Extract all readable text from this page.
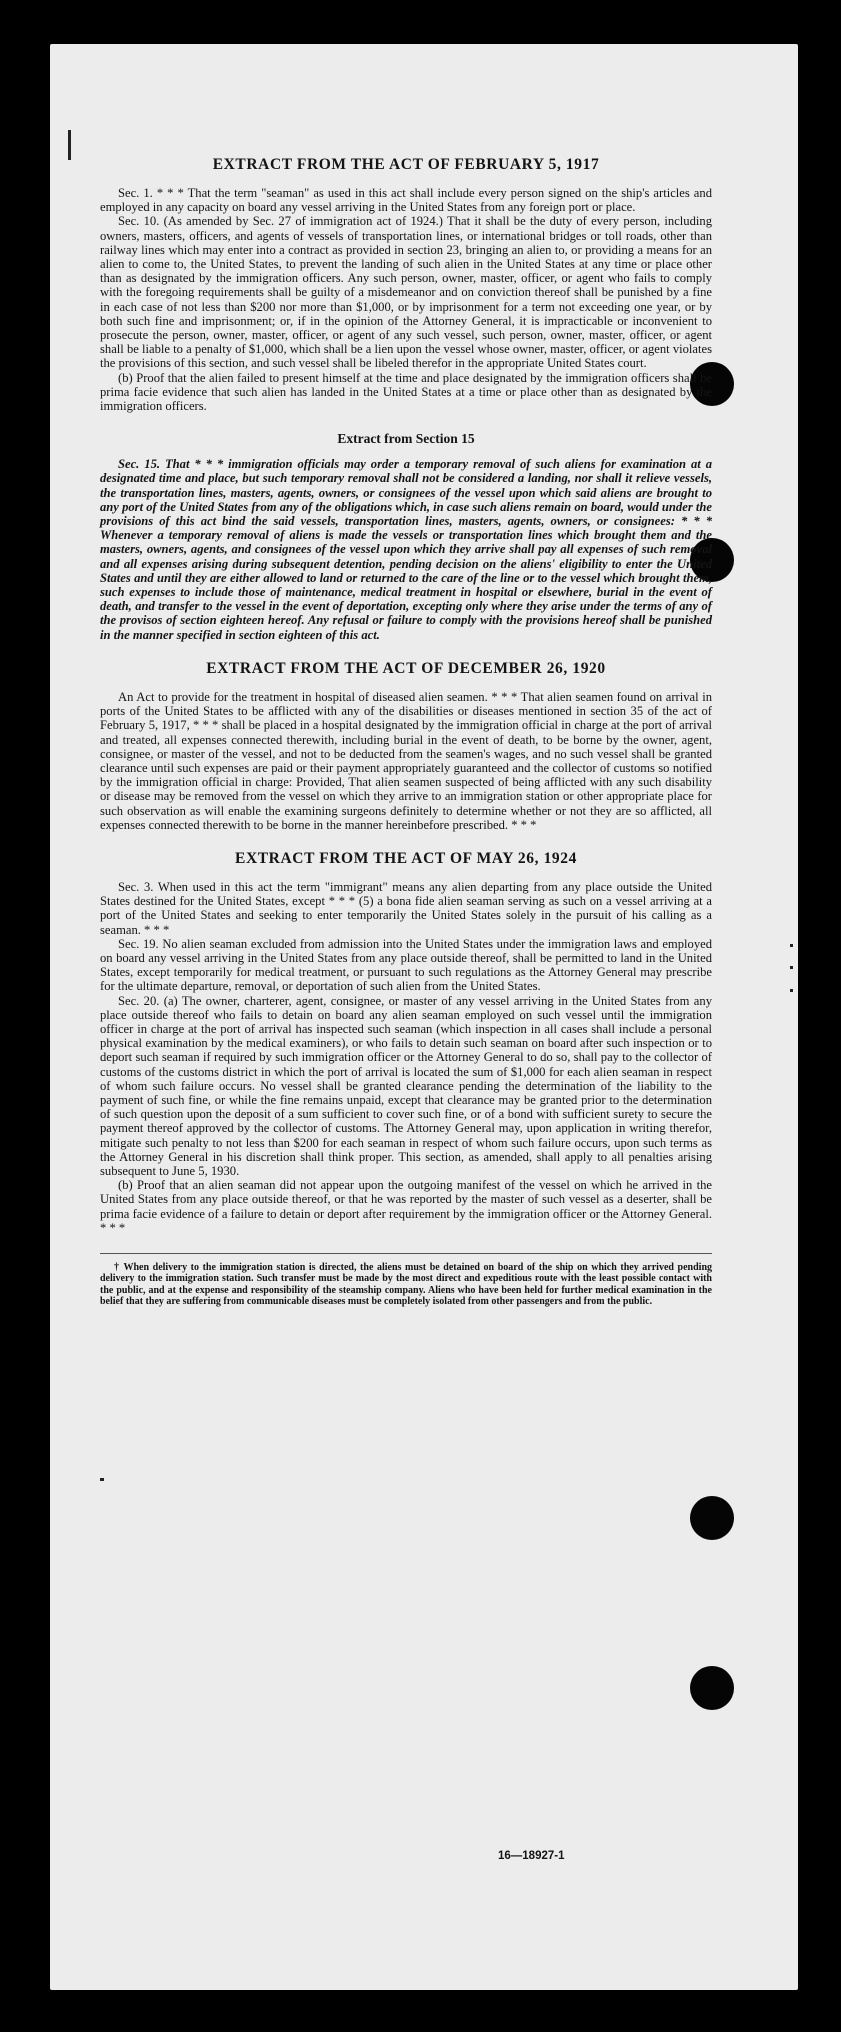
EXTRACT FROM THE ACT OF FEBRUARY 5, 1917

Sec. 1. * * * That the term "seaman" as used in this act shall include every person signed on the ship's articles and employed in any capacity on board any vessel arriving in the United States from any foreign port or place.

Sec. 10. (As amended by Sec. 27 of immigration act of 1924.) That it shall be the duty of every person, including owners, masters, officers, and agents of vessels of transportation lines, or international bridges or toll roads, other than railway lines which may enter into a contract as provided in section 23, bringing an alien to, or providing a means for an alien to come to, the United States, to prevent the landing of such alien in the United States at any time or place other than as designated by the immigration officers. Any such person, owner, master, officer, or agent who fails to comply with the foregoing requirements shall be guilty of a misdemeanor and on conviction thereof shall be punished by a fine in each case of not less than $200 nor more than $1,000, or by imprisonment for a term not exceeding one year, or by both such fine and imprisonment; or, if in the opinion of the Attorney General, it is impracticable or inconvenient to prosecute the person, owner, master, officer, or agent of any such vessel, such person, owner, master, officer, or agent shall be liable to a penalty of $1,000, which shall be a lien upon the vessel whose owner, master, officer, or agent violates the provisions of this section, and such vessel shall be libeled therefor in the appropriate United States court.

(b) Proof that the alien failed to present himself at the time and place designated by the immigration officers shall be prima facie evidence that such alien has landed in the United States at a time or place other than as designated by the immigration officers.

Extract from Section 15

Sec. 15. That * * * immigration officials may order a temporary removal of such aliens for examination at a designated time and place, but such temporary removal shall not be considered a landing, nor shall it relieve vessels, the transportation lines, masters, agents, owners, or consignees of the vessel upon which said aliens are brought to any port of the United States from any of the obligations which, in case such aliens remain on board, would under the provisions of this act bind the said vessels, transportation lines, masters, agents, owners, or consignees: * * * Whenever a temporary removal of aliens is made the vessels or transportation lines which brought them and the masters, owners, agents, and consignees of the vessel upon which they arrive shall pay all expenses of such removal and all expenses arising during subsequent detention, pending decision on the aliens' eligibility to enter the United States and until they are either allowed to land or returned to the care of the line or to the vessel which brought them, such expenses to include those of maintenance, medical treatment in hospital or elsewhere, burial in the event of death, and transfer to the vessel in the event of deportation, excepting only where they arise under the terms of any of the provisos of section eighteen hereof. Any refusal or failure to comply with the provisions hereof shall be punished in the manner specified in section eighteen of this act.

EXTRACT FROM THE ACT OF DECEMBER 26, 1920

An Act to provide for the treatment in hospital of diseased alien seamen. * * * That alien seamen found on arrival in ports of the United States to be afflicted with any of the disabilities or diseases mentioned in section 35 of the act of February 5, 1917, * * * shall be placed in a hospital designated by the immigration official in charge at the port of arrival and treated, all expenses connected therewith, including burial in the event of death, to be borne by the owner, agent, consignee, or master of the vessel, and not to be deducted from the seamen's wages, and no such vessel shall be granted clearance until such expenses are paid or their payment appropriately guaranteed and the collector of customs so notified by the immigration official in charge: Provided, That alien seamen suspected of being afflicted with any such disability or disease may be removed from the vessel on which they arrive to an immigration station or other appropriate place for such observation as will enable the examining surgeons definitely to determine whether or not they are so afflicted, all expenses connected therewith to be borne in the manner hereinbefore prescribed. * * *

EXTRACT FROM THE ACT OF MAY 26, 1924

Sec. 3. When used in this act the term "immigrant" means any alien departing from any place outside the United States destined for the United States, except * * * (5) a bona fide alien seaman serving as such on a vessel arriving at a port of the United States and seeking to enter temporarily the United States solely in the pursuit of his calling as a seaman. * * *

Sec. 19. No alien seaman excluded from admission into the United States under the immigration laws and employed on board any vessel arriving in the United States from any place outside thereof, shall be permitted to land in the United States, except temporarily for medical treatment, or pursuant to such regulations as the Attorney General may prescribe for the ultimate departure, removal, or deportation of such alien from the United States.

Sec. 20. (a) The owner, charterer, agent, consignee, or master of any vessel arriving in the United States from any place outside thereof who fails to detain on board any alien seaman employed on such vessel until the immigration officer in charge at the port of arrival has inspected such seaman (which inspection in all cases shall include a personal physical examination by the medical examiners), or who fails to detain such seaman on board after such inspection or to deport such seaman if required by such immigration officer or the Attorney General to do so, shall pay to the collector of customs of the customs district in which the port of arrival is located the sum of $1,000 for each alien seaman in respect of whom such failure occurs. No vessel shall be granted clearance pending the determination of the liability to the payment of such fine, or while the fine remains unpaid, except that clearance may be granted prior to the determination of such question upon the deposit of a sum sufficient to cover such fine, or of a bond with sufficient surety to secure the payment thereof approved by the collector of customs. The Attorney General may, upon application in writing therefor, mitigate such penalty to not less than $200 for each seaman in respect of whom such failure occurs, upon such terms as the Attorney General in his discretion shall think proper. This section, as amended, shall apply to all penalties arising subsequent to June 5, 1930.

(b) Proof that an alien seaman did not appear upon the outgoing manifest of the vessel on which he arrived in the United States from any place outside thereof, or that he was reported by the master of such vessel as a deserter, shall be prima facie evidence of a failure to detain or deport after requirement by the immigration officer or the Attorney General. * * *

† When delivery to the immigration station is directed, the aliens must be detained on board of the ship on which they arrived pending delivery to the immigration station. Such transfer must be made by the most direct and expeditious route with the least possible contact with the public, and at the expense and responsibility of the steamship company. Aliens who have been held for further medical examination in the belief that they are suffering from communicable diseases must be completely isolated from other passengers and from the public.

16—18927-1
